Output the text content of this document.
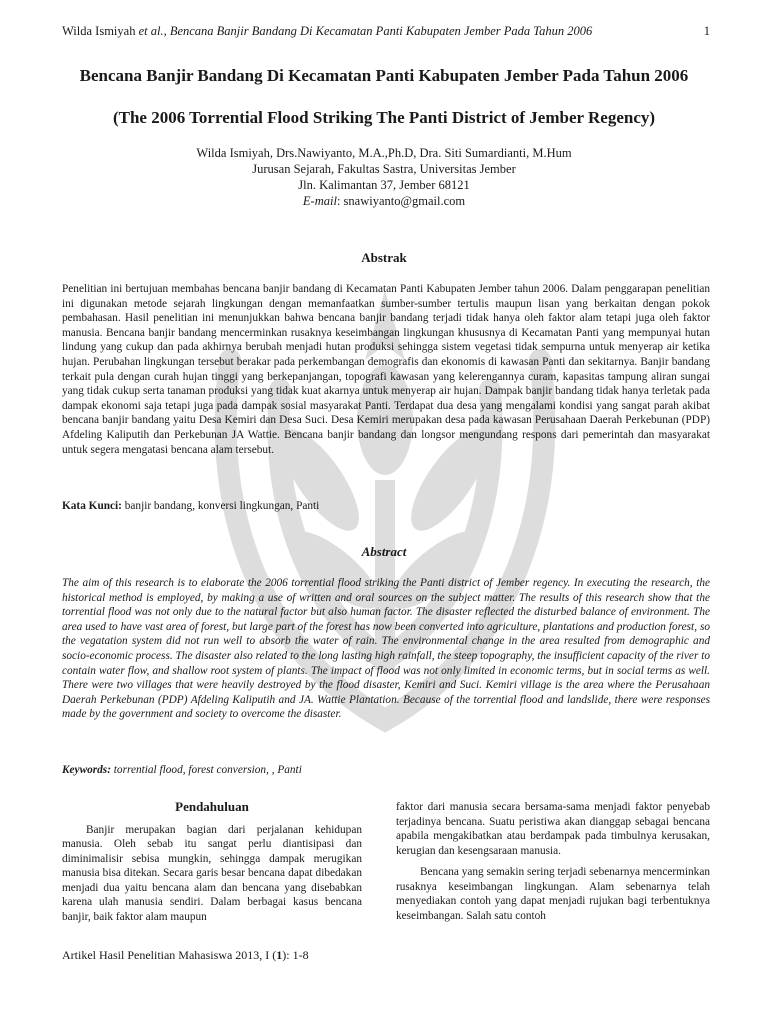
Wilda Ismiyah et al., Bencana Banjir Bandang Di Kecamatan Panti Kabupaten Jember Pada Tahun 2006	1
Bencana Banjir Bandang Di Kecamatan Panti Kabupaten Jember Pada Tahun 2006
(The 2006 Torrential Flood Striking The Panti District of Jember Regency)
Wilda Ismiyah, Drs.Nawiyanto, M.A.,Ph.D, Dra. Siti Sumardianti, M.Hum
Jurusan Sejarah, Fakultas Sastra, Universitas Jember
Jln. Kalimantan 37, Jember 68121
E-mail: snawiyanto@gmail.com
Abstrak
Penelitian ini bertujuan membahas bencana banjir bandang di Kecamatan Panti Kabupaten Jember tahun 2006. Dalam penggarapan penelitian ini digunakan metode sejarah lingkungan dengan memanfaatkan sumber-sumber tertulis maupun lisan yang berkaitan dengan pokok pembahasan. Hasil penelitian ini menunjukkan bahwa bencana banjir bandang terjadi tidak hanya oleh faktor alam tetapi juga oleh faktor manusia. Bencana banjir bandang mencerminkan rusaknya keseimbangan lingkungan khususnya di Kecamatan Panti yang mempunyai hutan lindung yang cukup dan pada akhirnya berubah menjadi hutan produksi sehingga sistem vegetasi tidak sempurna untuk menyerap air ketika hujan. Perubahan lingkungan tersebut berakar pada perkembangan demografis dan ekonomis di kawasan Panti dan sekitarnya. Banjir bandang terkait pula dengan curah hujan tinggi yang berkepanjangan, topografi kawasan yang kelerengannya curam, kapasitas tampung aliran sungai yang tidak cukup serta tanaman produksi yang tidak kuat akarnya untuk menyerap air hujan. Dampak banjir bandang tidak hanya terletak pada dampak ekonomi saja tetapi juga pada dampak sosial masyarakat Panti. Terdapat dua desa yang mengalami kondisi yang sangat parah akibat bencana banjir bandang yaitu Desa Kemiri dan Desa Suci. Desa Kemiri merupakan desa pada kawasan Perusahaan Daerah Perkebunan (PDP) Afdeling Kaliputih dan Perkebunan JA Wattie. Bencana banjir bandang dan longsor mengundang respons dari pemerintah dan masyarakat untuk segera mengatasi bencana alam tersebut.
Kata Kunci: banjir bandang, konversi lingkungan, Panti
Abstract
The aim of this research is to elaborate the 2006 torrential flood striking the Panti district of Jember regency. In executing the research, the historical method is employed, by making a use of written and oral sources on the subject matter. The results of this research show that the torrential flood was not only due to the natural factor but also human factor. The disaster reflected the disturbed balance of environment. The area used to have vast area of forest, but large part of the forest has now been converted into agriculture, plantations and production forest, so the vegatation system did not run well to absorb the water of rain. The environmental change in the area resulted from demographic and socio-economic process. The disaster also related to the long lasting high rainfall, the steep topography, the insufficient capacity of the river to contain water flow, and shallow root system of plants. The impact of flood was not only limited in economic terms, but in social terms as well. There were two villages that were heavily destroyed by the flood disaster, Kemiri and Suci. Kemiri village is the area where the Perusahaan Daerah Perkebunan (PDP) Afdeling Kaliputih and JA. Wattie Plantation. Because of the torrential flood and landslide, there were responses made by the government and society to overcome the disaster.
Keywords: torrential flood, forest conversion, , Panti
Pendahuluan

Banjir merupakan bagian dari perjalanan kehidupan manusia. Oleh sebab itu sangat perlu diantisipasi dan diminimalisir sebisa mungkin, sehingga dampak merugikan manusia bisa ditekan. Secara garis besar bencana dapat dibedakan menjadi dua yaitu bencana alam dan bencana yang disebabkan karena ulah manusia sendiri. Dalam berbagai kasus bencana banjir, baik faktor alam maupun

faktor dari manusia secara bersama-sama menjadi faktor penyebab terjadinya bencana. Suatu peristiwa akan dianggap sebagai bencana apabila mengakibatkan atau berdampak pada timbulnya kerusakan, kerugian dan kesengsaraan manusia.

Bencana yang semakin sering terjadi sebenarnya mencerminkan rusaknya keseimbangan lingkungan. Alam sebenarnya telah menyediakan contoh yang dapat menjadi rujukan bagi terbentuknya keseimbangan. Salah satu contoh

Artikel Hasil Penelitian Mahasiswa 2013, I (1): 1-8
